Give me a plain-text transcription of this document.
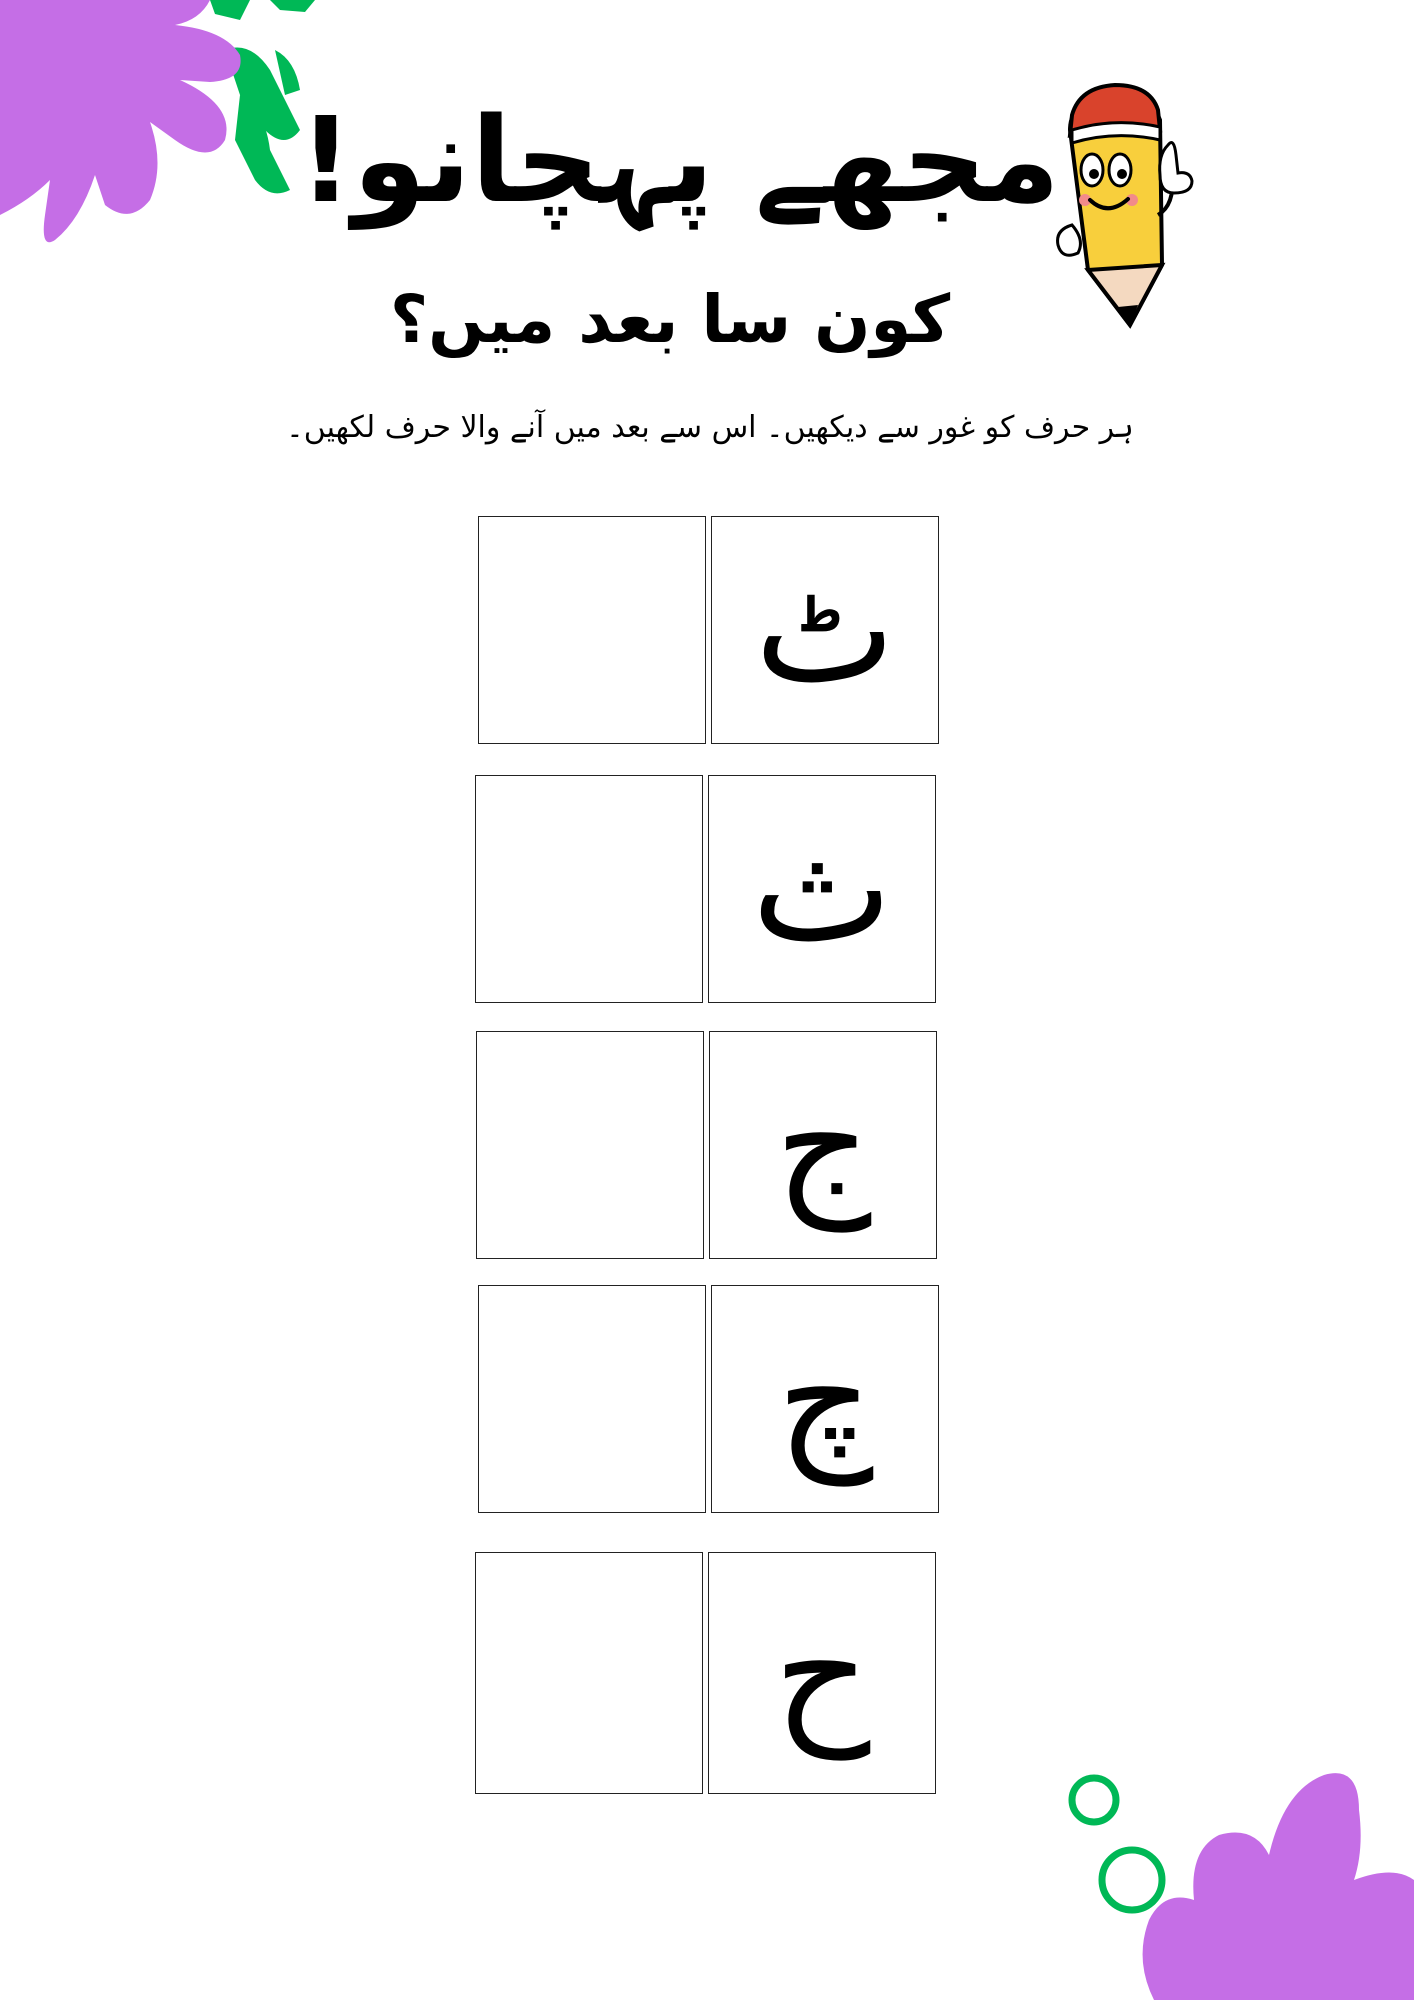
مجھے پہچانو!
کون سا بعد میں؟

ہر حرف کو غور سے دیکھیں۔ اس سے بعد میں آنے والا حرف لکھیں۔

ٹ
ث
ج
چ
ح
